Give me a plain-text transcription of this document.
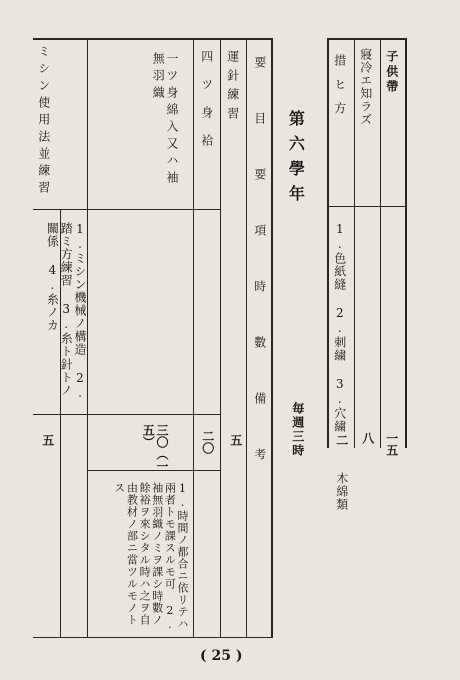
子供帶
寢冷エ知ラズ
措ヒ方
1.色紙縫 2.刺繍 3.穴繍
一五
八
二
木綿類
第六學年
毎週三時
要　目　要　項　時　數　備　考
運針練習
四ツ身袷
一ツ身綿入又ハ袖無羽織
ミシン使用法並練習
1.ミシン機械ノ構造 2.踏ミ方練習 3.糸ト針トノ關係 4.糸ノカ
五
二〇
三〇（一五）
五
1.時間ノ都合ニ依リテハ兩者トモ課スルモ可 2.袖無羽織ノミヲ課シ時數ノ餘裕ヲ來シタル時ハ之ヲ自由教材ノ部ニ當ツルモノトス
( 25 )
